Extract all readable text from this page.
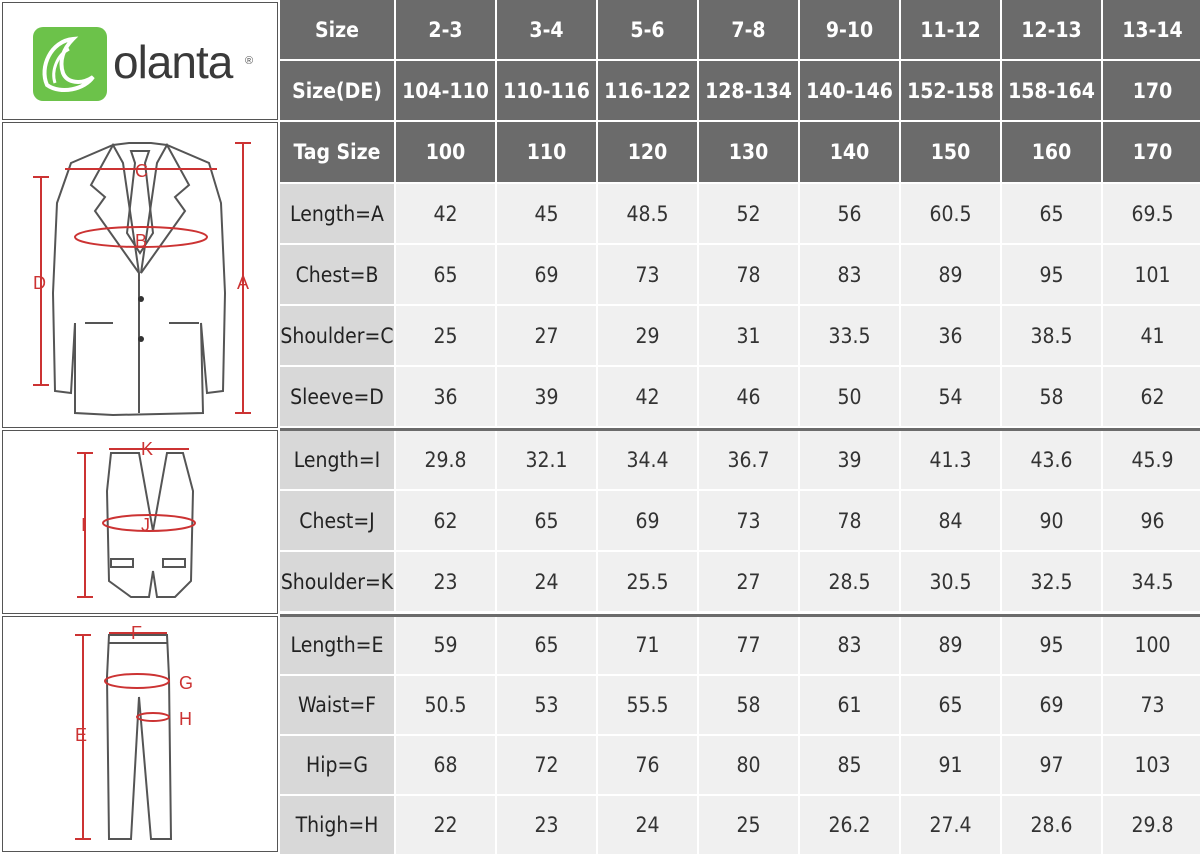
olanta ®
C
B
A
D
K
J
I
F
G
H
E
Size	2-3	3-4	5-6	7-8	9-10	11-12	12-13	13-14
Size(DE) 104-110 110-116 116-122 128-134 140-146 152-158 158-164	170
Tag Size	100	110	120	130	140	150	160	170
Length=A	42	45	48.5	52	56	60.5	65	69.5
Chest=B	65	69	73	78	83	89	95	101
Shoulder=C	25	27	29	31	33.5	36	38.5	41
Sleeve=D	36	39	42	46	50	54	58	62
Length=I	29.8	32.1	34.4	36.7	39	41.3	43.6	45.9
Chest=J	62	65	69	73	78	84	90	96
Shoulder=K	23	24	25.5	27	28.5	30.5	32.5	34.5
Length=E	59	65	71	77	83	89	95	100
Waist=F	50.5	53	55.5	58	61	65	69	73
Hip=G	68	72	76	80	85	91	97	103
Thigh=H	22	23	24	25	26.2	27.4	28.6	29.8
